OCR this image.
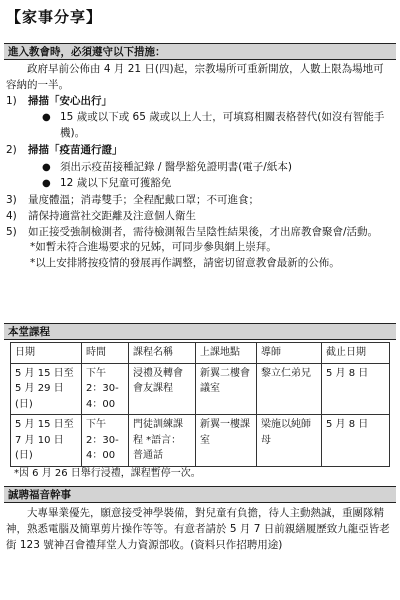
【家事分享】
進入教會時，必須遵守以下措施：

政府早前公佈由 4 月 21 日(四)起，宗教場所可重新開放，人數上限為場地可容納的一半。

1)	掃描「安心出行」
● 15 歲或以下或 65 歲或以上人士，可填寫相關表格替代(如沒有智能手機)。
2)	掃描「疫苗通行證」
● 須出示疫苗接種記錄 / 醫學豁免證明書(電子/紙本)
● 12 歲以下兒童可獲豁免
3)	量度體溫；消毒雙手；全程配戴口罩；不可進食；
4)	請保持適當社交距離及注意個人衛生
5)	如正接受強制檢測者，需待檢測報告呈陰性結果後，才出席教會聚會/活動。
*如暫未符合進場要求的兄姊，可同步參與網上崇拜。
*以上安排將按疫情的發展再作調整，請密切留意教會最新的公佈。
本堂課程
日期	時間	課程名稱	上課地點	導師	截止日期
5 月 15 日至 5 月 29 日 (日)	下午 2：30-4：00	浸禮及轉會會友課程	新翼二樓會議室	黎立仁弟兄	5 月 8 日
5 月 15 日至 7 月 10 日 (日)	下午 2：30-4：00	門徒訓練課程 *語言：普通話	新翼一樓課室	梁施以純師母	5 月 8 日
*因 6 月 26 日舉行浸禮，課程暫停一次。
誠聘福音幹事

大專畢業優先，願意接受神學裝備，對兒童有負擔，待人主動熱誠，重團隊精神，熟悉電腦及簡單剪片操作等等。有意者請於 5 月 7 日前親繕履歷致九龍亞皆老街 123 號神召會禮拜堂人力資源部收。(資料只作招聘用途)
